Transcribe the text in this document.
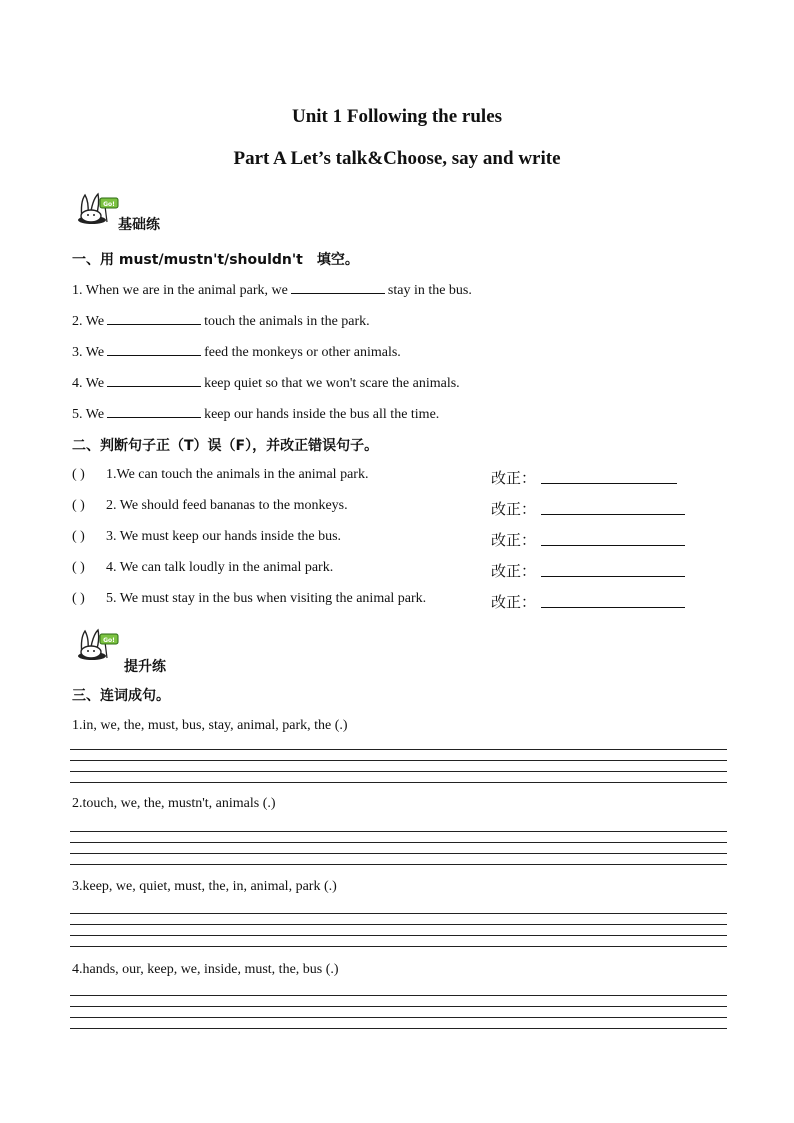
Unit 1 Following the rules
Part A Let’s talk&Choose, say and write
Go!
基础练
一、用 must/mustn't/shouldn't　填空。
1. When we are in the animal park, we	stay in the bus.
2. We	touch the animals in the park.
3. We	feed the monkeys or other animals.
4. We	keep quiet so that we won't scare the animals.
5. We	keep our hands inside the bus all the time.
二、判断句子正（T）误（F），并改正错误句子。
( ) 1.We can touch the animals in the animal park.	改正：
( ) 2. We should feed bananas to the monkeys.	改正：
( ) 3. We must keep our hands inside the bus.	改正：
( ) 4. We can talk loudly in the animal park.	改正：
( ) 5. We must stay in the bus when visiting the animal park.	改正：
Go!
提升练
三、连词成句。
1.in, we, the, must, bus, stay, animal, park, the (.)
2.touch, we, the, mustn't, animals (.)
3.keep, we, quiet, must, the, in, animal, park (.)
4.hands, our, keep, we, inside, must, the, bus (.)
